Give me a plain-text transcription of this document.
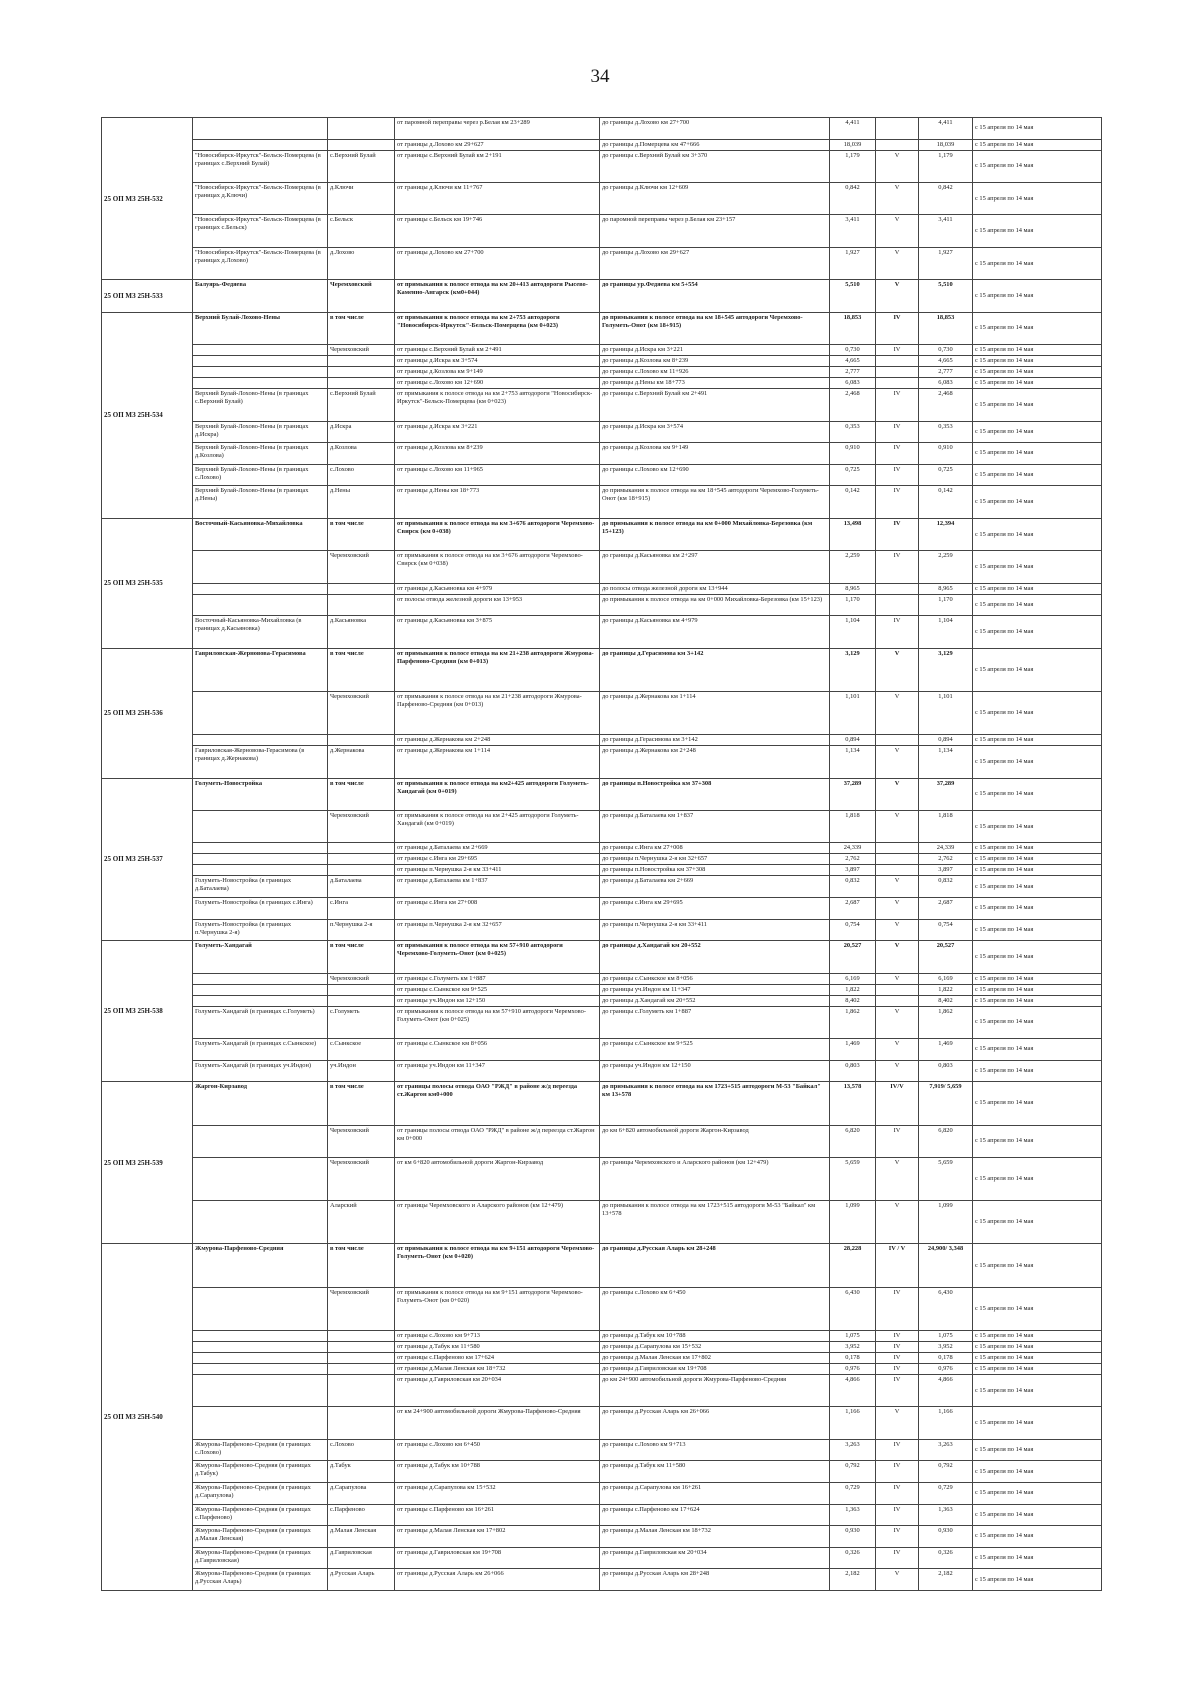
34
25 ОП МЗ 25Н-532			от паромной переправы через р.Белая км 23+289	до границы д.Лохово км 27+700	4,411		4,411	с 15 апреля по 14 мая
			от границы д.Лохово км 29+627	до границы д.Померцева км 47+666	18,039		18,039	с 15 апреля по 14 мая
	"Новосибирск-Иркутск"-Бельск-Померцева (в границах с.Верхний Булай)	с.Верхний Булай	от границы с.Верхний Булай км 2+191	до границы с.Верхний Булай км 3+370	1,179	V	1,179	с 15 апреля по 14 мая
	"Новосибирск-Иркутск"-Бельск-Померцева (в границах д.Ключи)	д.Ключи	от границы д.Ключи км 11+767	до границы д.Ключи км 12+609	0,842	V	0,842	с 15 апреля по 14 мая
	"Новосибирск-Иркутск"-Бельск-Померцева (в границах с.Бельск)	с.Бельск	от границы с.Бельск км 19+746	до паромной переправы через р.Белая км 23+157	3,411	V	3,411	с 15 апреля по 14 мая
	"Новосибирск-Иркутск"-Бельск-Померцева (в границах д.Лохово)	д.Лохово	от границы д.Лохово км 27+700	до границы д.Лохово км 29+627	1,927	V	1,927	с 15 апреля по 14 мая
25 ОП МЗ 25Н-533	Балуярь-Федяева	Черемховский	от примыкания к полосе отвода на км 20+413 автодороги Рысево-Каменно-Ангарск (км0+044)	до границы ур.Федяева км 5+554	5,510	V	5,510	с 15 апреля по 14 мая
25 ОП МЗ 25Н-534	Верхний Булай-Лохово-Нены	в том числе	от примыкания к полосе отвода на км 2+753 автодороги "Новосибирск-Иркутск"-Бельск-Померцева (км 0+023)	до примыкания к полосе отвода на км 18+545 автодороги Черемхово-Голуметь-Онот (км 18+915)	18,853	IV	18,853	с 15 апреля по 14 мая
		Черемховский	от границы с.Верхний Булай км 2+491	до границы д.Искра км 3+221	0,730	IV	0,730	с 15 апреля по 14 мая
			от границы д.Искра км 3+574	до границы д.Козлова км 8+239	4,665		4,665	с 15 апреля по 14 мая
			от границы д.Козлова км 9+149	до границы с.Лохово км 11+926	2,777		2,777	с 15 апреля по 14 мая
			от границы с.Лохово км 12+690	до границы д.Нены км 18+773	6,083		6,083	с 15 апреля по 14 мая
	Верхний Булай-Лохово-Нены (в границах с.Верхний Булай)	с.Верхний Булай	от примыкания к полосе отвода на км 2+753 автодороги "Новосибирск-Иркутск"-Бельск-Померцева (км 0+023)	до границы с.Верхний Булай км 2+491	2,468	IV	2,468	с 15 апреля по 14 мая
	Верхний Булай-Лохово-Нены (в границах д.Искра)	д.Искра	от границы д.Искра км 3+221	до границы д.Искра км 3+574	0,353	IV	0,353	с 15 апреля по 14 мая
	Верхний Булай-Лохово-Нены (в границах д.Козлова)	д.Козлова	от границы д.Козлова км 8+239	до границы д.Козлова км 9+149	0,910	IV	0,910	с 15 апреля по 14 мая
	Верхний Булай-Лохово-Нены (в границах с.Лохово)	с.Лохово	от границы с.Лохово км 11+965	до границы с.Лохово км 12+690	0,725	IV	0,725	с 15 апреля по 14 мая
	Верхний Булай-Лохово-Нены (в границах д.Нены)	д.Нены	от границы д.Нены км 18+773	до примыкания к полосе отвода на км 18+545 автодороги Черемхово-Голуметь-Онот (км 18+915)	0,142	IV	0,142	с 15 апреля по 14 мая
25 ОП МЗ 25Н-535	Восточный-Касьяновка-Михайловка	в том числе	от примыкания к полосе отвода на км 3+676 автодороги Черемхово-Свирск (км 0+038)	до примыкания к полосе отвода на км 0+000 Михайловка-Березовка (км 15+123)	13,498	IV	12,394	с 15 апреля по 14 мая
		Черемховский	от примыкания к полосе отвода на км 3+676 автодороги Черемхово-Свирск (км 0+038)	до границы д.Касьяновка км 2+297	2,259	IV	2,259	с 15 апреля по 14 мая
			от границы д.Касьяновка км 4+979	до полосы отвода железной дороги км 13+944	8,965		8,965	с 15 апреля по 14 мая
			от полосы отвода железной дороги км 13+953	до примыкания к полосе отвода на км 0+000 Михайловка-Березовка (км 15+123)	1,170		1,170	с 15 апреля по 14 мая
	Восточный-Касьяновка-Михайловка (в границах д.Касьяновка)	д.Касьяновка	от границы д.Касьяновка км 3+875	до границы д.Касьяновка км 4+979	1,104	IV	1,104	с 15 апреля по 14 мая
25 ОП МЗ 25Н-536	Гавриловская-Жерновова-Герасимова	в том числе	от примыкания к полосе отвода на км 21+238 автодороги Жмурова-Парфеново-Средняя (км 0+013)	до границы д.Герасимова км 3+142	3,129	V	3,129	с 15 апреля по 14 мая
		Черемховский	от примыкания к полосе отвода на км 21+238 автодороги Жмурова-Парфеново-Средняя (км 0+013)	до границы д.Жернакова км 1+114	1,101	V	1,101	с 15 апреля по 14 мая
			от границы д.Жернакова км 2+248	до границы д.Герасимова км 3+142	0,894		0,894	с 15 апреля по 14 мая
	Гавриловская-Жерновова-Герасимова (в границах д.Жернакова)	д.Жернакова	от границы д.Жернакова км 1+114	до границы д.Жернакова км 2+248	1,134	V	1,134	с 15 апреля по 14 мая
25 ОП МЗ 25Н-537	Голуметь-Новостройка	в том числе	от примыкания к полосе отвода на км2+425 автодороги Голуметь-Хандагай (км 0+019)	до границы п.Новостройка км 37+308	37,289	V	37,289	с 15 апреля по 14 мая
		Черемховский	от примыкания к полосе отвода на км 2+425 автодороги Голуметь-Хандагай (км 0+019)	до границы д.Баталаева км 1+837	1,818	V	1,818	с 15 апреля по 14 мая
			от границы д.Баталаева км 2+669	до границы с.Инга км 27+008	24,339		24,339	с 15 апреля по 14 мая
			от границы с.Инга км 29+695	до границы п.Чернушка 2-я км 32+657	2,762		2,762	с 15 апреля по 14 мая
			от границы п.Чернушка 2-я км 33+411	до границы п.Новостройка км 37+308	3,897		3,897	с 15 апреля по 14 мая
	Голуметь-Новостройка (в границах д.Баталаева)	д.Баталаева	от границы д.Баталаева км 1+837	до границы д.Баталаева км 2+669	0,832	V	0,832	с 15 апреля по 14 мая
	Голуметь-Новостройка (в границах с.Инга)	с.Инга	от границы с.Инга км 27+008	до границы с.Инга км 29+695	2,687	V	2,687	с 15 апреля по 14 мая
	Голуметь-Новостройка (в границах п.Чернушка 2-я)	п.Чернушка 2-я	от границы п.Чернушка 2-я км 32+657	до границы п.Чернушка 2-я км 33+411	0,754	V	0,754	с 15 апреля по 14 мая
25 ОП МЗ 25Н-538	Голуметь-Хандагай	в том числе	от примыкания к полосе отвода на км 57+910 автодороги Черемхово-Голуметь-Онот (км 0+025)	до границы д.Хандагай км 20+552	20,527	V	20,527	с 15 апреля по 14 мая
		Черемховский	от границы с.Голуметь км 1+887	до границы с.Сынкское км 8+056	6,169	V	6,169	с 15 апреля по 14 мая
			от границы с.Сынкское км 9+525	до границы уч.Индон км 11+347	1,822		1,822	с 15 апреля по 14 мая
			от границы уч.Индон км 12+150	до границы д.Хандагай км 20+552	8,402		8,402	с 15 апреля по 14 мая
	Голуметь-Хандагай (в границах с.Голуметь)	с.Голуметь	от примыкания к полосе отвода на км 57+910 автодороги Черемхово-Голуметь-Онот (км 0+025)	до границы с.Голуметь км 1+887	1,862	V	1,862	с 15 апреля по 14 мая
	Голуметь-Хандагай (в границах с.Сынкское)	с.Сынкское	от границы с.Сынкское км 8+056	до границы с.Сынкское км 9+525	1,469	V	1,469	с 15 апреля по 14 мая
	Голуметь-Хандагай (в границах уч.Индон)	уч.Индон	от границы уч.Индон км 11+347	до границы уч.Индон км 12+150	0,803	V	0,803	с 15 апреля по 14 мая
25 ОП МЗ 25Н-539	Жаргон-Кирзавод	в том числе	от границы полосы отвода ОАО "РЖД" в районе ж/д переезда ст.Жаргон км0+000	до примыкания к полосе отвода на км 1723+515 автодороги М-53 "Байкал" км 13+578	13,578	IV/V	7,919/ 5,659	с 15 апреля по 14 мая
		Черемховский	от границы полосы отвода ОАО "РЖД" в районе ж/д переезда ст.Жаргон км 0+000	до км 6+820 автомобильной дороги Жаргон-Кирзавод	6,820	IV	6,820	с 15 апреля по 14 мая
		Черемховский	от км 6+820 автомобильной дороги Жаргон-Кирзавод	до границы Черемховского и Аларского районов (км 12+479)	5,659	V	5,659	с 15 апреля по 14 мая
		Аларский	от границы Черемховского и Аларского районов (км 12+479)	до примыкания к полосе отвода на км 1723+515 автодороги М-53 "Байкал" км 13+578	1,099	V	1,099	с 15 апреля по 14 мая
25 ОП МЗ 25Н-540	Жмурова-Парфеново-Средняя	в том числе	от примыкания к полосе отвода на км 9+151 автодороги Черемхово-Голуметь-Онот (км 0+020)	до границы д.Русская Аларь км 28+248	28,228	IV / V	24,900/ 3,348	с 15 апреля по 14 мая
		Черемховский	от примыкания к полосе отвода на км 9+151 автодороги Черемхово-Голуметь-Онот (км 0+020)	до границы с.Лохово км 6+450	6,430	IV	6,430	с 15 апреля по 14 мая
			от границы с.Лохово км 9+713	до границы д.Табук км 10+788	1,075	IV	1,075	с 15 апреля по 14 мая
			от границы д.Табук км 11+580	до границы д.Сарапулова км 15+532	3,952	IV	3,952	с 15 апреля по 14 мая
			от границы с.Парфеново км 17+624	до границы д.Малая Ленская км 17+802	0,178	IV	0,178	с 15 апреля по 14 мая
			от границы д.Малая Ленская км 18+732	до границы д.Гавриловская км 19+708	0,976	IV	0,976	с 15 апреля по 14 мая
			от границы д.Гавриловская км 20+034	до км 24+900 автомобильной дороги Жмурова-Парфеново-Средняя	4,866	IV	4,866	с 15 апреля по 14 мая
			от км 24+900 автомобильной дороги Жмурова-Парфеново-Средняя	до границы д.Русская Аларь км 26+066	1,166	V	1,166	с 15 апреля по 14 мая
	Жмурова-Парфеново-Средняя (в границах с.Лохово)	с.Лохово	от границы с.Лохово км 6+450	до границы с.Лохово км 9+713	3,263	IV	3,263	с 15 апреля по 14 мая
	Жмурова-Парфеново-Средняя (в границах д.Табук)	д.Табук	от границы д.Табук км 10+788	до границы д.Табук км 11+580	0,792	IV	0,792	с 15 апреля по 14 мая
	Жмурова-Парфеново-Средняя (в границах д.Сарапулова)	д.Сарапулова	от границы д.Сарапулова км 15+532	до границы д.Сарапулова км 16+261	0,729	IV	0,729	с 15 апреля по 14 мая
	Жмурова-Парфеново-Средняя (в границах с.Парфеново)	с.Парфеново	от границы с.Парфеново км 16+261	до границы с.Парфеново км 17+624	1,363	IV	1,363	с 15 апреля по 14 мая
	Жмурова-Парфеново-Средняя (в границах д.Малая Ленская)	д.Малая Ленская	от границы д.Малая Ленская км 17+802	до границы д.Малая Ленская км 18+732	0,930	IV	0,930	с 15 апреля по 14 мая
	Жмурова-Парфеново-Средняя (в границах д.Гавриловская)	д.Гавриловская	от границы д.Гавриловская км 19+708	до границы д.Гавриловская км 20+034	0,326	IV	0,326	с 15 апреля по 14 мая
	Жмурова-Парфеново-Средняя (в границах д.Русская Аларь)	д.Русская Аларь	от границы д.Русская Аларь км 26+066	до границы д.Русская Аларь км 28+248	2,182	V	2,182	с 15 апреля по 14 мая
